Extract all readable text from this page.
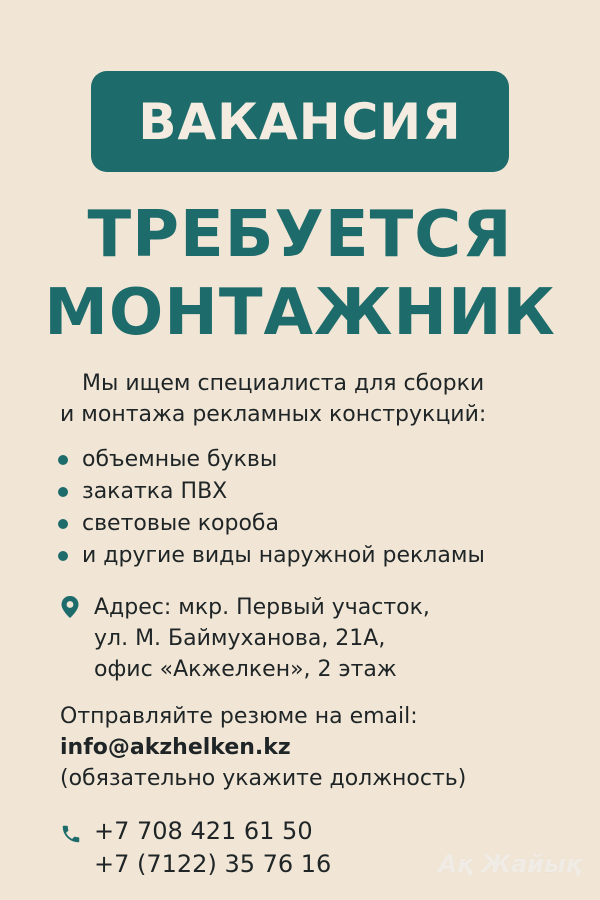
ВАКАНСИЯ
ТРЕБУЕТСЯ
МОНТАЖНИК
Мы ищем специалиста для сборки
и монтажа рекламных конструкций:
объемные буквы
закатка ПВХ
световые короба
и другие виды наружной рекламы
Адрес: мкр. Первый участок,
ул. М. Баймуханова, 21А,
офис «Акжелкен», 2 этаж
Отправляйте резюме на email:
info@akzhelken.kz
(обязательно укажите должность)
+7 708 421 61 50
+7 (7122) 35 76 16	Ақ Жайық
